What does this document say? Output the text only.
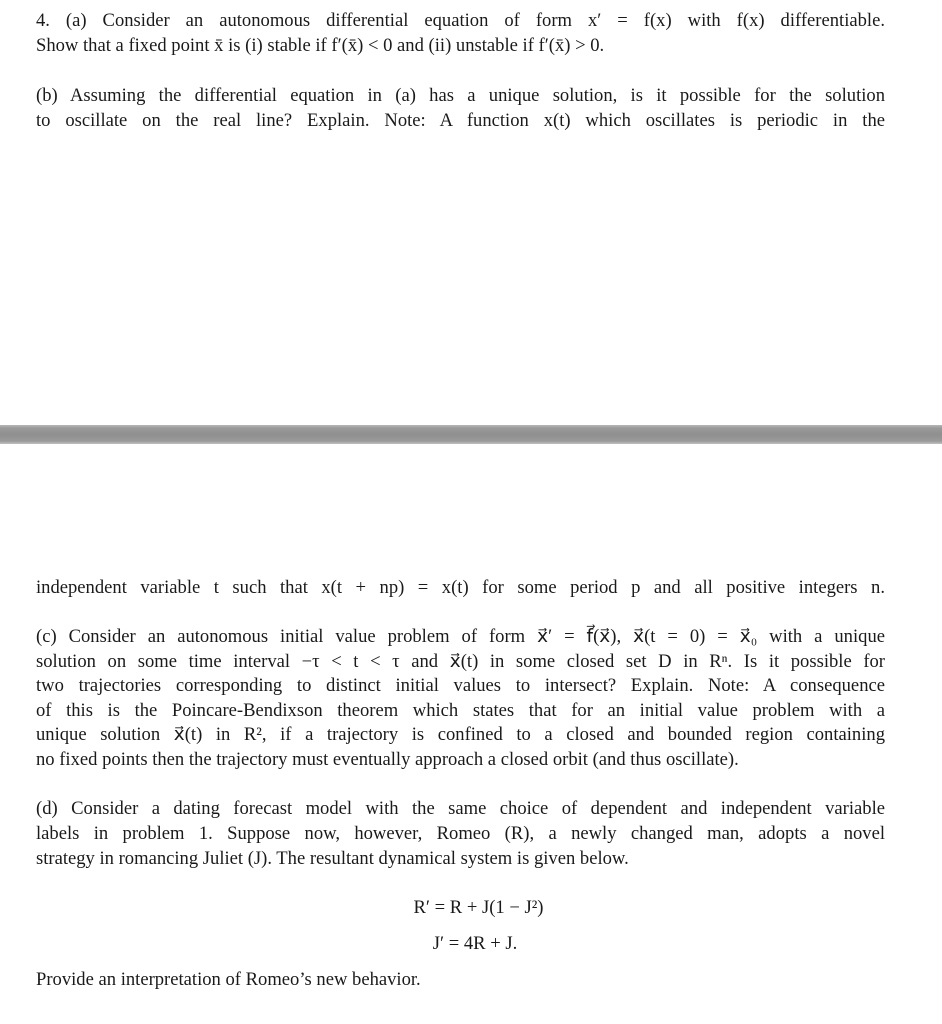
4. (a) Consider an autonomous differential equation of form x′ = f(x) with f(x) differentiable.
Show that a fixed point x̄ is (i) stable if f′(x̄) < 0 and (ii) unstable if f′(x̄) > 0.
(b) Assuming the differential equation in (a) has a unique solution, is it possible for the solution
to oscillate on the real line? Explain. Note: A function x(t) which oscillates is periodic in the
independent variable t such that x(t + np) = x(t) for some period p and all positive integers n.
(c) Consider an autonomous initial value problem of form x⃗′ = f⃗(x⃗), x⃗(t = 0) = x⃗₀ with a unique
solution on some time interval −τ < t < τ and x⃗(t) in some closed set D in Rⁿ. Is it possible for
two trajectories corresponding to distinct initial values to intersect? Explain. Note: A consequence
of this is the Poincare-Bendixson theorem which states that for an initial value problem with a
unique solution x⃗(t) in R², if a trajectory is confined to a closed and bounded region containing
no fixed points then the trajectory must eventually approach a closed orbit (and thus oscillate).
(d) Consider a dating forecast model with the same choice of dependent and independent variable
labels in problem 1. Suppose now, however, Romeo (R), a newly changed man, adopts a novel
strategy in romancing Juliet (J). The resultant dynamical system is given below.
R′ = R + J(1 − J²)
J′ = 4R + J.
Provide an interpretation of Romeo’s new behavior.
